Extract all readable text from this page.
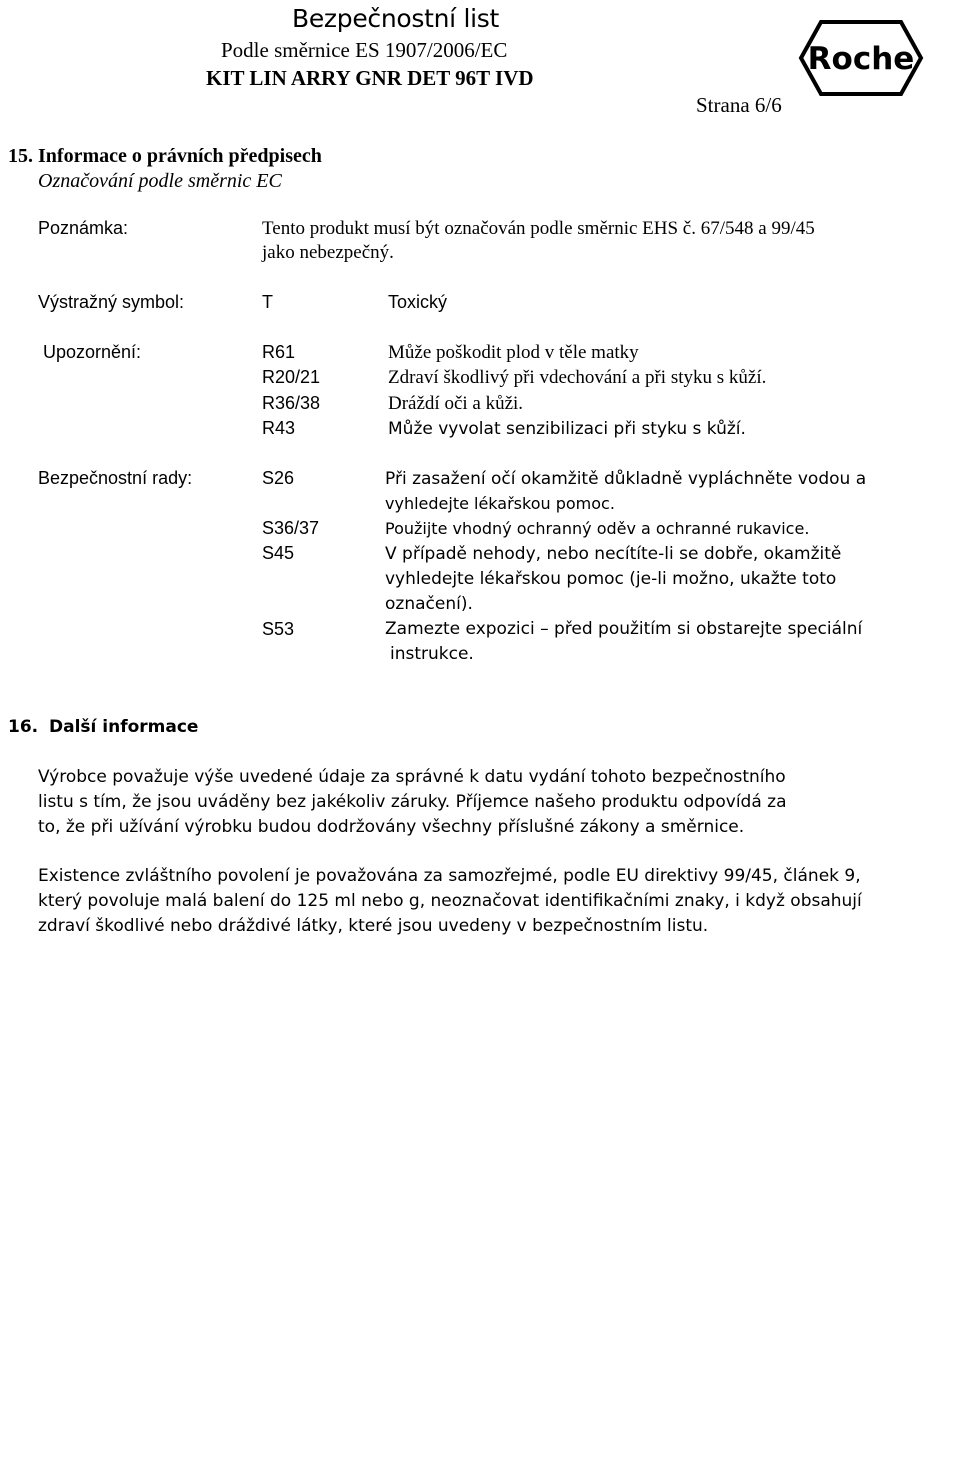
Bezpečnostní list
Podle směrnice ES 1907/2006/EC
KIT LIN ARRY GNR DET 96T IVD
Strana 6/6
Roche
15. Informace o právních předpisech
Označování podle směrnic EC
Poznámka:	Tento produkt musí být označován podle směrnic EHS č. 67/548 a 99/45
jako nebezpečný.
Výstražný symbol:	T	Toxický
Upozornění:	R61	Může poškodit plod v těle matky
R20/21	Zdraví škodlivý při vdechování a při styku s kůží.
R36/38	Dráždí oči a kůži.
R43	Může vyvolat senzibilizaci při styku s kůží.
Bezpečnostní rady:	S26	Při zasažení očí okamžitě důkladně vypláchněte vodou a
vyhledejte lékařskou pomoc.
S36/37	Použijte vhodný ochranný oděv a ochranné rukavice.
S45	V případě nehody, nebo necítíte-li se dobře, okamžitě
vyhledejte lékařskou pomoc (je-li možno, ukažte toto
označení).
S53	Zamezte expozici – před použitím si obstarejte speciální
instrukce.
16. Další informace
Výrobce považuje výše uvedené údaje za správné k datu vydání tohoto bezpečnostního
listu s tím, že jsou uváděny bez jakékoliv záruky. Příjemce našeho produktu odpovídá za
to, že při užívání výrobku budou dodržovány všechny příslušné zákony a směrnice.
Existence zvláštního povolení je považována za samozřejmé, podle EU direktivy 99/45, článek 9,
který povoluje malá balení do 125 ml nebo g, neoznačovat identifikačními znaky, i když obsahují
zdraví škodlivé nebo dráždivé látky, které jsou uvedeny v bezpečnostním listu.
